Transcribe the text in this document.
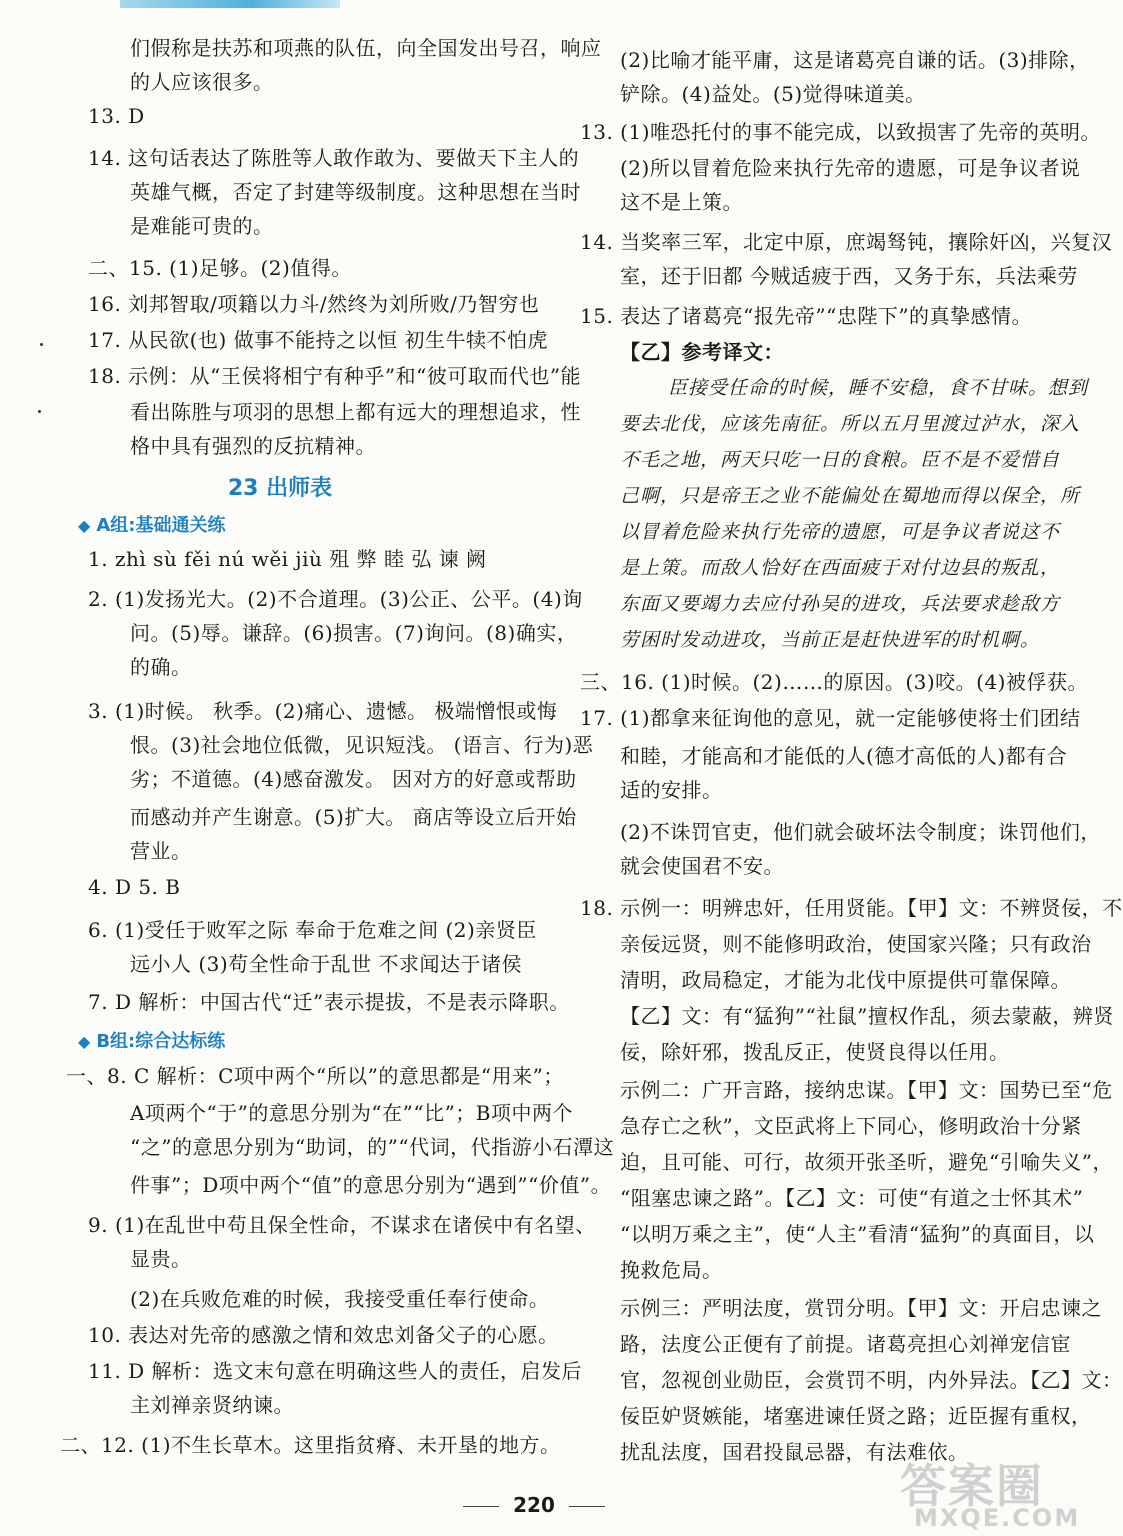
们假称是扶苏和项燕的队伍，向全国发出号召，响应
的人应该很多。
13. D
14. 这句话表达了陈胜等人敢作敢为、要做天下主人的
英雄气概，否定了封建等级制度。这种思想在当时
是难能可贵的。
二、15. (1)足够。(2)值得。
16. 刘邦智取/项籍以力斗/然终为刘所败/乃智穷也
17. 从民欲(也) 做事不能持之以恒 初生牛犊不怕虎
18. 示例：从“王侯将相宁有种乎”和“彼可取而代也”能
看出陈胜与项羽的思想上都有远大的理想追求，性
格中具有强烈的反抗精神。
23 出师表
◆ A组:基础通关练
1. zhì sù fěi nú wěi jiù 殂 弊 睦 弘 谏 阙
2. (1)发扬光大。(2)不合道理。(3)公正、公平。(4)询
问。(5)辱。谦辞。(6)损害。(7)询问。(8)确实，
的确。
3. (1)时候。 秋季。(2)痛心、遗憾。 极端憎恨或悔
恨。(3)社会地位低微，见识短浅。 (语言、行为)恶
劣；不道德。(4)感奋激发。 因对方的好意或帮助
而感动并产生谢意。(5)扩大。 商店等设立后开始
营业。
4. D 5. B
6. (1)受任于败军之际 奉命于危难之间 (2)亲贤臣
远小人 (3)苟全性命于乱世 不求闻达于诸侯
7. D 解析：中国古代“迁”表示提拔，不是表示降职。
◆ B组:综合达标练
一、8. C 解析：C项中两个“所以”的意思都是“用来”；
A项两个“于”的意思分别为“在”“比”；B项中两个
“之”的意思分别为“助词，的”“代词，代指游小石潭这
件事”；D项中两个“值”的意思分别为“遇到”“价值”。
9. (1)在乱世中苟且保全性命，不谋求在诸侯中有名望、
显贵。
(2)在兵败危难的时候，我接受重任奉行使命。
10. 表达对先帝的感激之情和效忠刘备父子的心愿。
11. D 解析：选文末句意在明确这些人的责任，启发后
主刘禅亲贤纳谏。
二、12. (1)不生长草木。这里指贫瘠、未开垦的地方。
(2)比喻才能平庸，这是诸葛亮自谦的话。(3)排除，
铲除。(4)益处。(5)觉得味道美。
13. (1)唯恐托付的事不能完成，以致损害了先帝的英明。
(2)所以冒着危险来执行先帝的遗愿，可是争议者说
这不是上策。
14. 当奖率三军，北定中原，庶竭驽钝，攘除奸凶，兴复汉
室，还于旧都 今贼适疲于西，又务于东，兵法乘劳
15. 表达了诸葛亮“报先帝”“忠陛下”的真挚感情。
【乙】参考译文：
臣接受任命的时候，睡不安稳，食不甘味。想到
要去北伐，应该先南征。所以五月里渡过泸水，深入
不毛之地，两天只吃一日的食粮。臣不是不爱惜自
己啊，只是帝王之业不能偏处在蜀地而得以保全，所
以冒着危险来执行先帝的遗愿，可是争议者说这不
是上策。而敌人恰好在西面疲于对付边县的叛乱，
东面又要竭力去应付孙吴的进攻，兵法要求趁敌方
劳困时发动进攻，当前正是赶快进军的时机啊。
三、16. (1)时候。(2)……的原因。(3)咬。(4)被俘获。
17. (1)都拿来征询他的意见，就一定能够使将士们团结
和睦，才能高和才能低的人(德才高低的人)都有合
适的安排。
(2)不诛罚官吏，他们就会破坏法令制度；诛罚他们，
就会使国君不安。
18. 示例一：明辨忠奸，任用贤能。【甲】文：不辨贤佞，不
亲佞远贤，则不能修明政治，使国家兴隆；只有政治
清明，政局稳定，才能为北伐中原提供可靠保障。
【乙】文：有“猛狗”“社鼠”擅权作乱，须去蒙蔽，辨贤
佞，除奸邪，拨乱反正，使贤良得以任用。
示例二：广开言路，接纳忠谋。【甲】文：国势已至“危
急存亡之秋”，文臣武将上下同心，修明政治十分紧
迫，且可能、可行，故须开张圣听，避免“引喻失义”，
“阻塞忠谏之路”。【乙】文：可使“有道之士怀其术”
“以明万乘之主”，使“人主”看清“猛狗”的真面目，以
挽救危局。
示例三：严明法度，赏罚分明。【甲】文：开启忠谏之
路，法度公正便有了前提。诸葛亮担心刘禅宠信宦
官，忽视创业勋臣，会赏罚不明，内外异法。【乙】文：
佞臣妒贤嫉能，堵塞进谏任贤之路；近臣握有重权，
扰乱法度，国君投鼠忌器，有法难依。
220	答案圈
MXQE.COM
